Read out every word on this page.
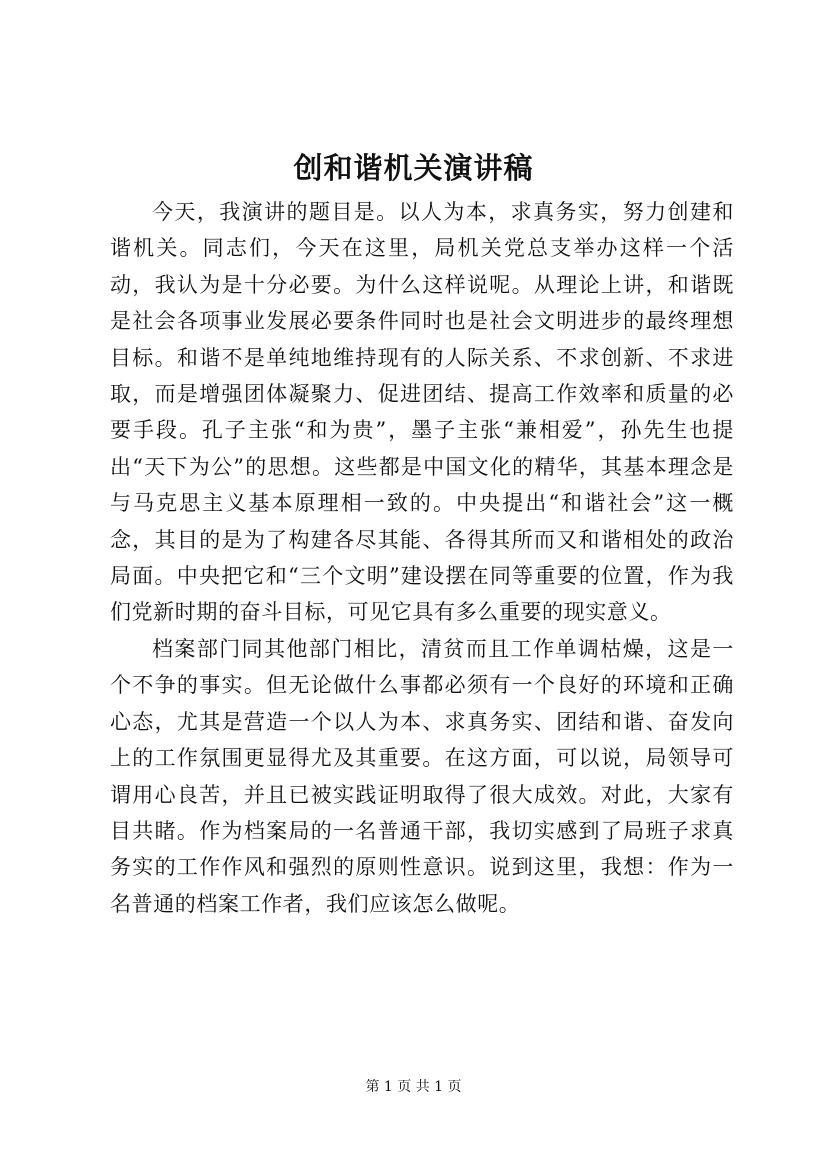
创和谐机关演讲稿

今天，我演讲的题目是。以人为本，求真务实，努力创建和谐机关。同志们，今天在这里，局机关党总支举办这样一个活动，我认为是十分必要。为什么这样说呢。从理论上讲，和谐既是社会各项事业发展必要条件同时也是社会文明进步的最终理想目标。和谐不是单纯地维持现有的人际关系、不求创新、不求进取，而是增强团体凝聚力、促进团结、提高工作效率和质量的必要手段。孔子主张“和为贵”，墨子主张“兼相爱”，孙先生也提出“天下为公”的思想。这些都是中国文化的精华，其基本理念是与马克思主义基本原理相一致的。中央提出“和谐社会”这一概念，其目的是为了构建各尽其能、各得其所而又和谐相处的政治局面。中央把它和“三个文明”建设摆在同等重要的位置，作为我们党新时期的奋斗目标，可见它具有多么重要的现实意义。

档案部门同其他部门相比，清贫而且工作单调枯燥，这是一个不争的事实。但无论做什么事都必须有一个良好的环境和正确心态，尤其是营造一个以人为本、求真务实、团结和谐、奋发向上的工作氛围更显得尤及其重要。在这方面，可以说，局领导可谓用心良苦，并且已被实践证明取得了很大成效。对此，大家有目共睹。作为档案局的一名普通干部，我切实感到了局班子求真务实的工作作风和强烈的原则性意识。说到这里，我想：作为一名普通的档案工作者，我们应该怎么做呢。

第 1 页 共 1 页
